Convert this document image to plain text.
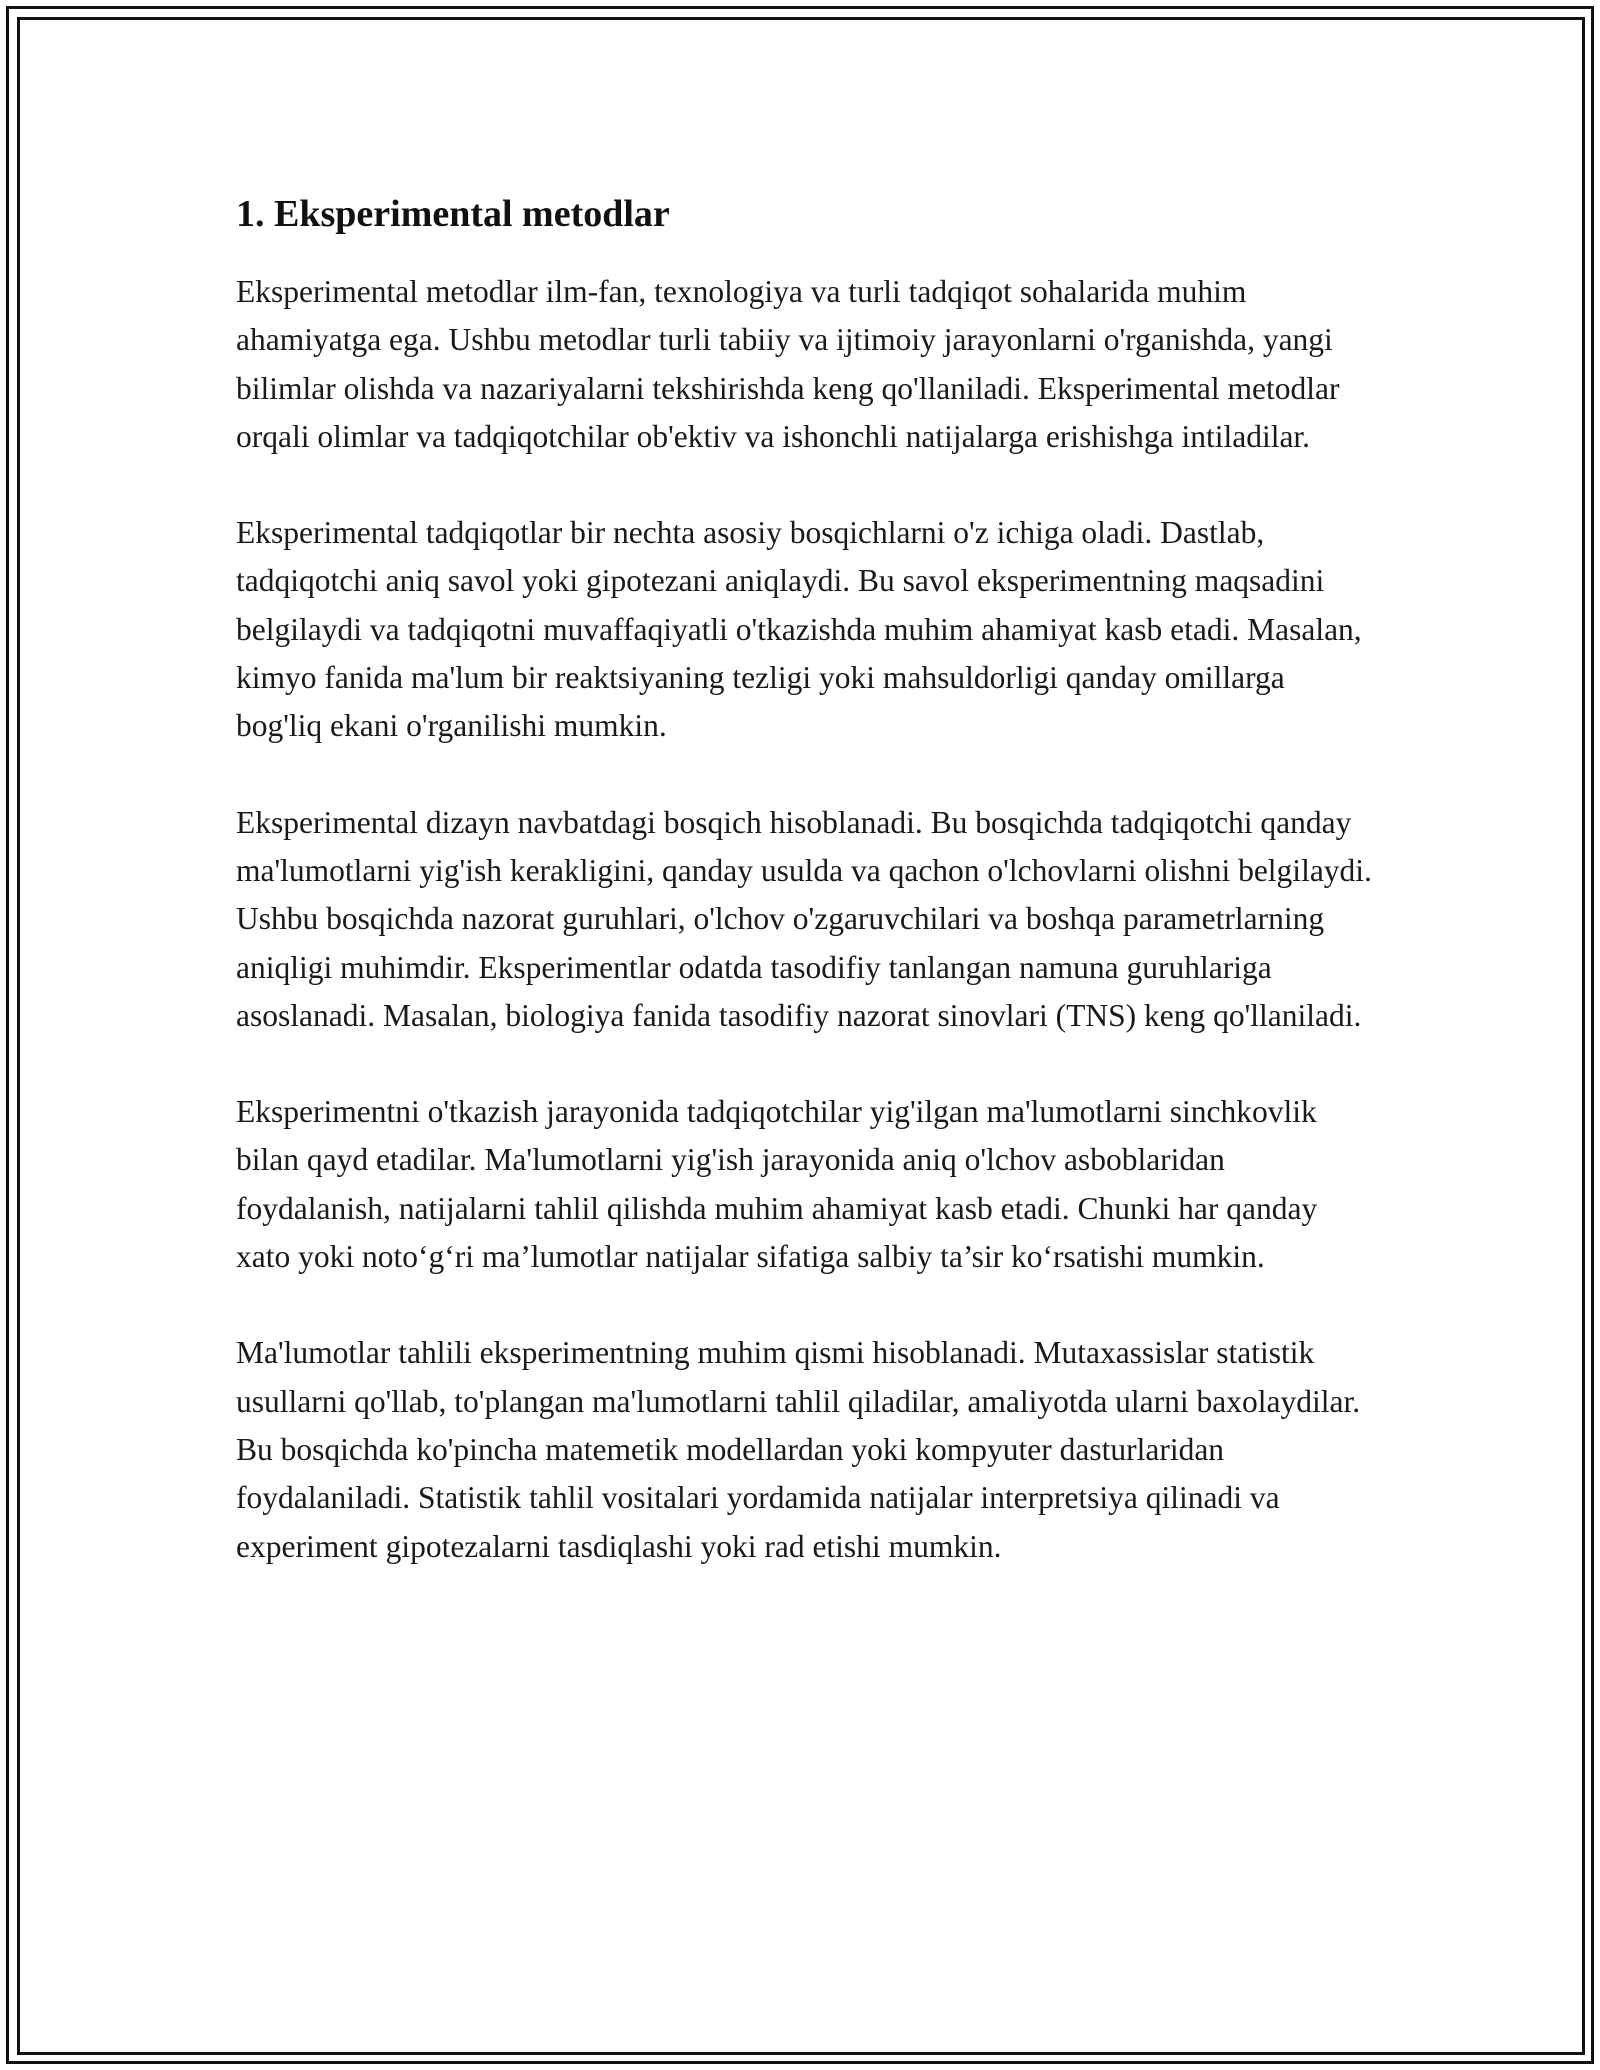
1. Eksperimental metodlar

Eksperimental metodlar ilm-fan, texnologiya va turli tadqiqot sohalarida muhim ahamiyatga ega. Ushbu metodlar turli tabiiy va ijtimoiy jarayonlarni o'rganishda, yangi bilimlar olishda va nazariyalarni tekshirishda keng qo'llaniladi. Eksperimental metodlar orqali olimlar va tadqiqotchilar ob'ektiv va ishonchli natijalarga erishishga intiladilar.

Eksperimental tadqiqotlar bir nechta asosiy bosqichlarni o'z ichiga oladi. Dastlab, tadqiqotchi aniq savol yoki gipotezani aniqlaydi. Bu savol eksperimentning maqsadini belgilaydi va tadqiqotni muvaffaqiyatli o'tkazishda muhim ahamiyat kasb etadi. Masalan, kimyo fanida ma'lum bir reaktsiyaning tezligi yoki mahsuldorligi qanday omillarga bog'liq ekani o'rganilishi mumkin.

Eksperimental dizayn navbatdagi bosqich hisoblanadi. Bu bosqichda tadqiqotchi qanday ma'lumotlarni yig'ish kerakligini, qanday usulda va qachon o'lchovlarni olishni belgilaydi. Ushbu bosqichda nazorat guruhlari, o'lchov o'zgaruvchilari va boshqa parametrlarning aniqligi muhimdir. Eksperimentlar odatda tasodifiy tanlangan namuna guruhlariga asoslanadi. Masalan, biologiya fanida tasodifiy nazorat sinovlari (TNS) keng qo'llaniladi.

Eksperimentni o'tkazish jarayonida tadqiqotchilar yig'ilgan ma'lumotlarni sinchkovlik bilan qayd etadilar. Ma'lumotlarni yig'ish jarayonida aniq o'lchov asboblaridan foydalanish, natijalarni tahlil qilishda muhim ahamiyat kasb etadi. Chunki har qanday xato yoki noto‘g‘ri ma’lumotlar natijalar sifatiga salbiy ta’sir ko‘rsatishi mumkin.

Ma'lumotlar tahlili eksperimentning muhim qismi hisoblanadi. Mutaxassislar statistik usullarni qo'llab, to'plangan ma'lumotlarni tahlil qiladilar, amaliyotda ularni baxolaydilar. Bu bosqichda ko'pincha matemetik modellardan yoki kompyuter dasturlaridan foydalaniladi. Statistik tahlil vositalari yordamida natijalar interpretsiya qilinadi va experiment gipotezalarni tasdiqlashi yoki rad etishi mumkin.
